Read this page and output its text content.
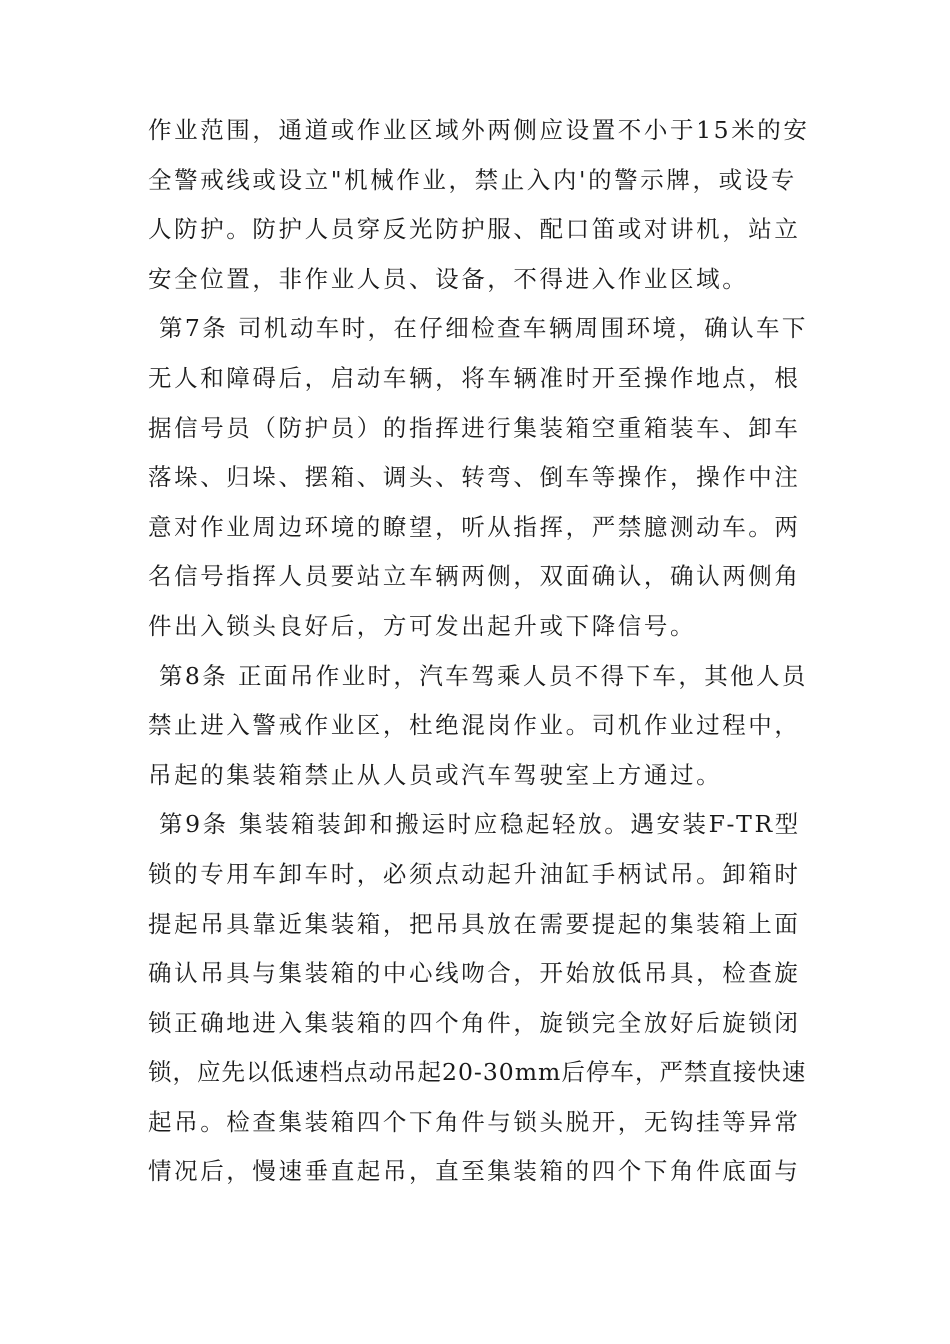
作业范围，通道或作业区域外两侧应设置不小于15米的安
全警戒线或设立"机械作业，禁止入内'的警示牌，或设专
人防护。防护人员穿反光防护服、配口笛或对讲机，站立
安全位置，非作业人员、设备，不得进入作业区域。
第7条 司机动车时，在仔细检查车辆周围环境，确认车下
无人和障碍后，启动车辆，将车辆准时开至操作地点，根
据信号员（防护员）的指挥进行集装箱空重箱装车、卸车
落垛、归垛、摆箱、调头、转弯、倒车等操作，操作中注
意对作业周边环境的瞭望，听从指挥，严禁臆测动车。两
名信号指挥人员要站立车辆两侧，双面确认，确认两侧角
件出入锁头良好后，方可发出起升或下降信号。
第8条 正面吊作业时，汽车驾乘人员不得下车，其他人员
禁止进入警戒作业区，杜绝混岗作业。司机作业过程中，
吊起的集装箱禁止从人员或汽车驾驶室上方通过。
第9条 集装箱装卸和搬运时应稳起轻放。遇安装F-TR型
锁的专用车卸车时，必须点动起升油缸手柄试吊。卸箱时
提起吊具靠近集装箱，把吊具放在需要提起的集装箱上面
确认吊具与集装箱的中心线吻合，开始放低吊具，检查旋
锁正确地进入集装箱的四个角件，旋锁完全放好后旋锁闭
锁，应先以低速档点动吊起20-30mm后停车，严禁直接快速
起吊。检查集装箱四个下角件与锁头脱开，无钩挂等异常
情况后，慢速垂直起吊，直至集装箱的四个下角件底面与
